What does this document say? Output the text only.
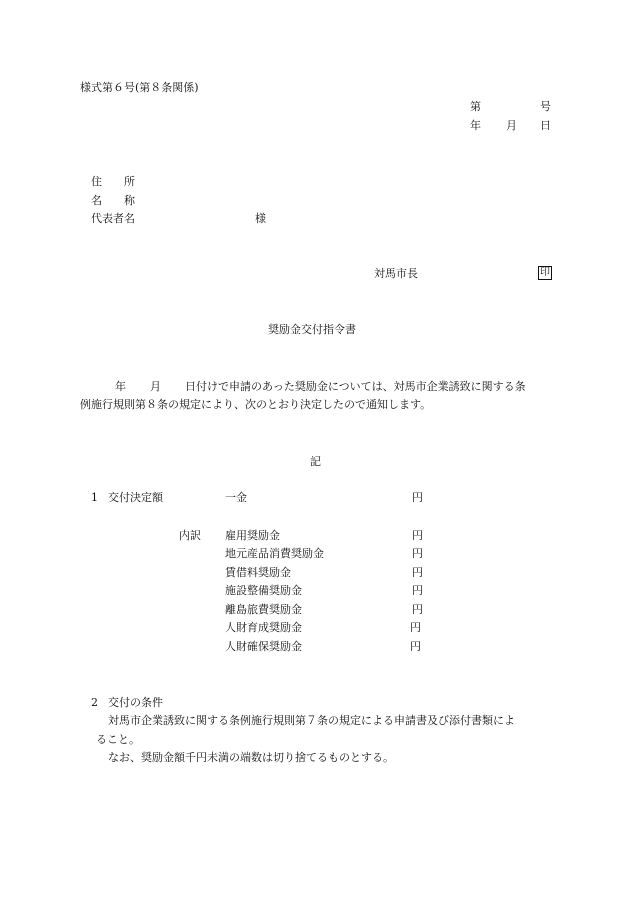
様式第６号(第８条関係)
第	号
年 月 日
住　　所
名　　称
代表者名	様
対馬市長	印
奨励金交付指令書
年 月 日付けで申請のあった奨励金については、対馬市企業誘致に関する条
例施行規則第８条の規定により、次のとおり決定したので通知します。
記
1 交付決定額	一金	円
内訳 雇用奨励金	円
地元産品消費奨励金	円
賃借料奨励金	円
施設整備奨励金	円
離島旅費奨励金	円
人財育成奨励金	円
人財確保奨励金	円
2 交付の条件
対馬市企業誘致に関する条例施行規則第７条の規定による申請書及び添付書類によ
ること。
なお、奨励金額千円未満の端数は切り捨てるものとする。
